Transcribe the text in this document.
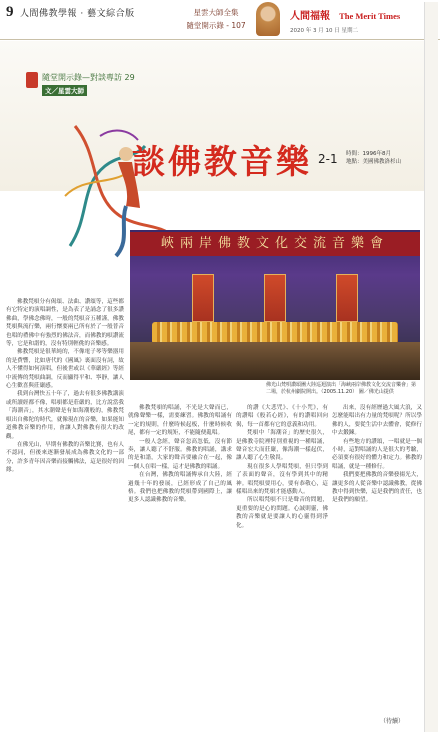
9 人間佛教學報 · 藝文綜合版	星雲大師全集
隨堂開示錄 - 107
人間福報 The Merit Times
2020 年 3 月 10 日 星期二
隨堂開示錄—對談專訪 29
文／星雲大師
談佛教音樂 2-1 時間：1996年8月
地點：美國佛教洛杉山
峽兩岸佛教文化交流音樂會
佛光山梵唄讚頌團大陸巡迴演出「海峽兩岸佛教文化交流音樂會」第二場，於杭州劇院開出。（2005.11.20） 圖／佛光山提供

佛教梵唄分有偈頌、法曲、讚頌等，這些都有它特定的演唱調性，是為表了是誦念了很多讚佛曲，學佛念佛時，一般的梵唄音五種謹，佛教梵唄與流行樂，兩行懷要兩已所有於了一般普音也唱的禮佛中有強烈的佛法音，而佛教的唄讚流等，它是和諧的，沒有特別輕佻的音樂感。

佛教梵唄是很華純的，不像電子琴等樂器用的是費響，比如唐代的《國風》裏面沒有詞，故人不懂得如何演唱，但後世或以《華嚴經》等經中流傳的梵唄曲調，反而顯得平和、寧靜，讓人心生歡喜與莊嚴感。

我到台灣快五十年了，過去有很多佛教講演或所讀經都不像，唱唄都是莊嚴的，比方說當我「海潮音」，其水潮聲是有如海潮般的，佛教梵唄出自佛陀的時代，就像現在的音樂，如果能知道佛教音樂的作用，會讓人對佛教有很大的改觀。

在佛光山，早期有佛教的音樂比賽，也有人不認同，但後來逐漸發展成為佛教文化的一部分，許多青年因音樂而接觸佛法，這是很好的因緣。

佛教梵唄的唱誦，不光是大聲而已，就像聲樂一樣，需要練習。佛教的唱誦有一定的規則，什麼時候起板，什麼時候收尾，都有一定的規矩，不能隨便亂唱。

一般人念經，聲音忽高忽低，沒有節奏，讓人聽了不舒服。佛教的唱誦，講求的是和諧，大家的聲音要融合在一起，像一個人在唱一樣，這才是佛教的唱誦。

在台灣，佛教的唱誦傳承自大陸，經過幾十年的發展，已經形成了自己的風格。我們也把佛教的梵唄帶到國際上，讓更多人認識佛教的音樂。

的讚《大悲咒》、《十小咒》，有的讚唱《般若心經》，有的讚唱回向偈，每一首都有它的意義和功用。

梵唄中「海潮音」的歷史很久，是佛教寺院裡特別重視的一種唱誦，聲音宏大而莊嚴，像海潮一樣起伏，讓人聽了心生敬畏。

現在很多人學唱梵唄，但只學到了表面的聲音，沒有學到其中的精神。唱梵唄要用心，要有恭敬心，這樣唱出來的梵唄才能感動人。

所以唱梵唄不只是聲音的問題，更重要的是心的問題。心誠則靈，佛教的音樂就是要讓人的心靈得到淨化。

出來，沒有經歷過大風大浪，又怎麼能唱出有力量的梵唄呢？所以學佛的人，要從生活中去體會，從修行中去鍛鍊。

有些地方的讚頌，一唱就是一個小時，這對唱誦的人是很大的考驗，必須要有很好的體力和定力。佛教的唱誦，就是一種修行。

我們要把佛教的音樂發揚光大，讓更多的人從音樂中認識佛教，從佛教中得到快樂，這是我們的責任，也是我們的願望。

（待續）
